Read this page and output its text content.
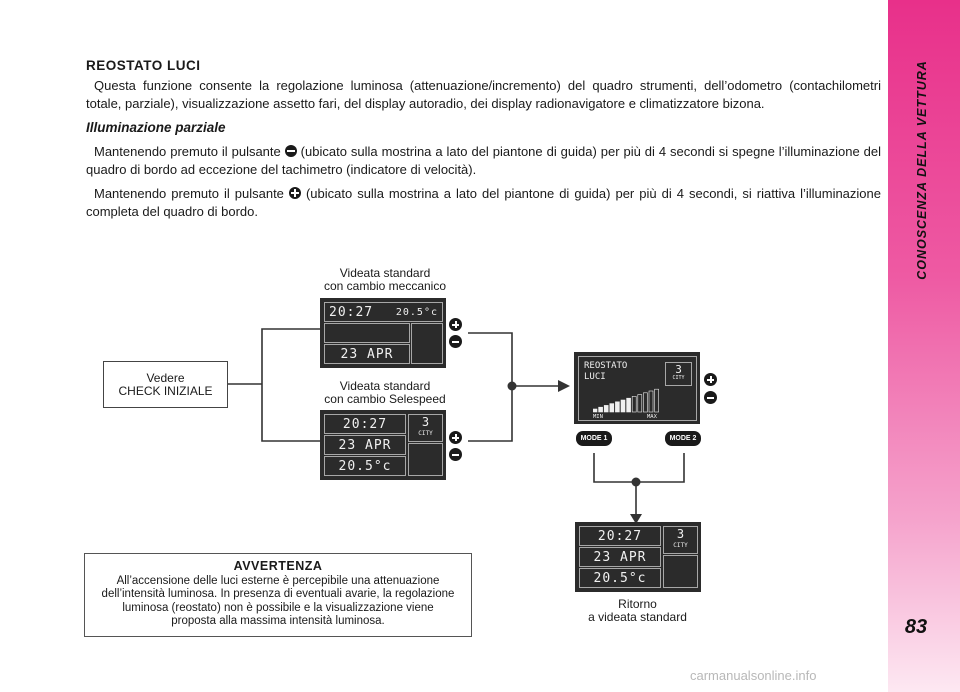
REOSTATO LUCI

Questa funzione consente la regolazione luminosa (attenuazione/incremento) del quadro strumenti, dell’odometro (contachilometri totale, parziale), visualizzazione assetto fari, del display autoradio, dei display radionavigatore e climatizzatore bizona.

Illuminazione parziale

Mantenendo premuto il pulsante (ubicato sulla mostrina a lato del piantone di guida) per più di 4 secondi si spegne l’illuminazione del quadro di bordo ad eccezione del tachimetro (indicatore di velocità).

Mantenendo premuto il pulsante (ubicato sulla mostrina a lato del piantone di guida) per più di 4 secondi, si riattiva l’illuminazione completa del quadro di bordo.

Vedere
CHECK INIZIALE
Videata standard
con cambio meccanico
Videata standard
con cambio Selespeed
Ritorno
a videata standard
20:27 20.5°c
23 APR
20:27
23 APR
20.5°c
3
CITY
REOSTATO
LUCI
3
CITY
MIN	MAX
MODE 1	MODE 2
20:27
23 APR
20.5°c
3
CITY
AVVERTENZA
All’accensione delle luci esterne è percepibile una attenuazione
dell’intensità luminosa. In presenza di eventuali avarie, la regolazione
luminosa (reostato) non è possibile e la visualizzazione viene
proposta alla massima intensità luminosa.
CONOSCENZA DELLA VETTURA
83
carmanualsonline.info
